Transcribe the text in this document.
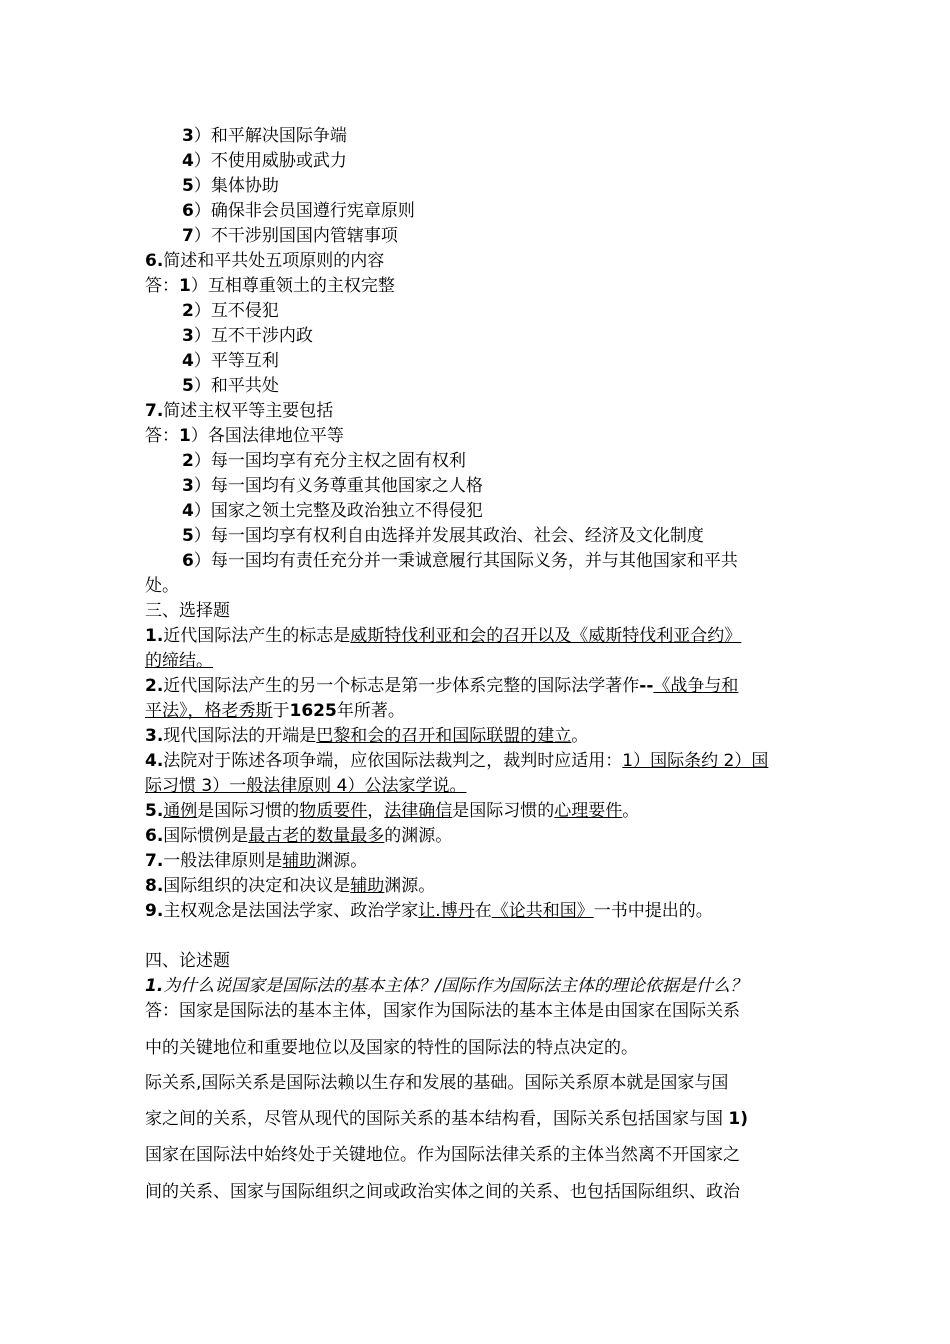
3）和平解决国际争端
4）不使用威胁或武力
5）集体协助
6）确保非会员国遵行宪章原则
7）不干涉别国国内管辖事项
6.简述和平共处五项原则的内容
答：1）互相尊重领土的主权完整
2）互不侵犯
3）互不干涉内政
4）平等互利
5）和平共处
7.简述主权平等主要包括
答：1）各国法律地位平等
2）每一国均享有充分主权之固有权利
3）每一国均有义务尊重其他国家之人格
4）国家之领土完整及政治独立不得侵犯
5）每一国均享有权利自由选择并发展其政治、社会、经济及文化制度
6）每一国均有责任充分并一秉诚意履行其国际义务，并与其他国家和平共
处。
三、选择题
1.近代国际法产生的标志是威斯特伐利亚和会的召开以及《威斯特伐利亚合约》
的缔结。
2.近代国际法产生的另一个标志是第一步体系完整的国际法学著作--《战争与和
平法》，格老秀斯于1625年所著。
3.现代国际法的开端是巴黎和会的召开和国际联盟的建立。
4.法院对于陈述各项争端，应依国际法裁判之，裁判时应适用：1）国际条约 2）国
际习惯 3）一般法律原则 4）公法家学说。
5.通例是国际习惯的物质要件，法律确信是国际习惯的心理要件。
6.国际惯例是最古老的数量最多的渊源。
7.一般法律原则是辅助渊源。
8.国际组织的决定和决议是辅助渊源。
9.主权观念是法国法学家、政治学家让.博丹在《论共和国》一书中提出的。
四、论述题
1.为什么说国家是国际法的基本主体？/国际作为国际法主体的理论依据是什么？
答：国家是国际法的基本主体，国家作为国际法的基本主体是由国家在国际关系
中的关键地位和重要地位以及国家的特性的国际法的特点决定的。
际关系,国际关系是国际法赖以生存和发展的基础。国际关系原本就是国家与国
家之间的关系，尽管从现代的国际关系的基本结构看，国际关系包括国家与国 1)
国家在国际法中始终处于关键地位。作为国际法律关系的主体当然离不开国家之
间的关系、国家与国际组织之间或政治实体之间的关系、也包括国际组织、政治
